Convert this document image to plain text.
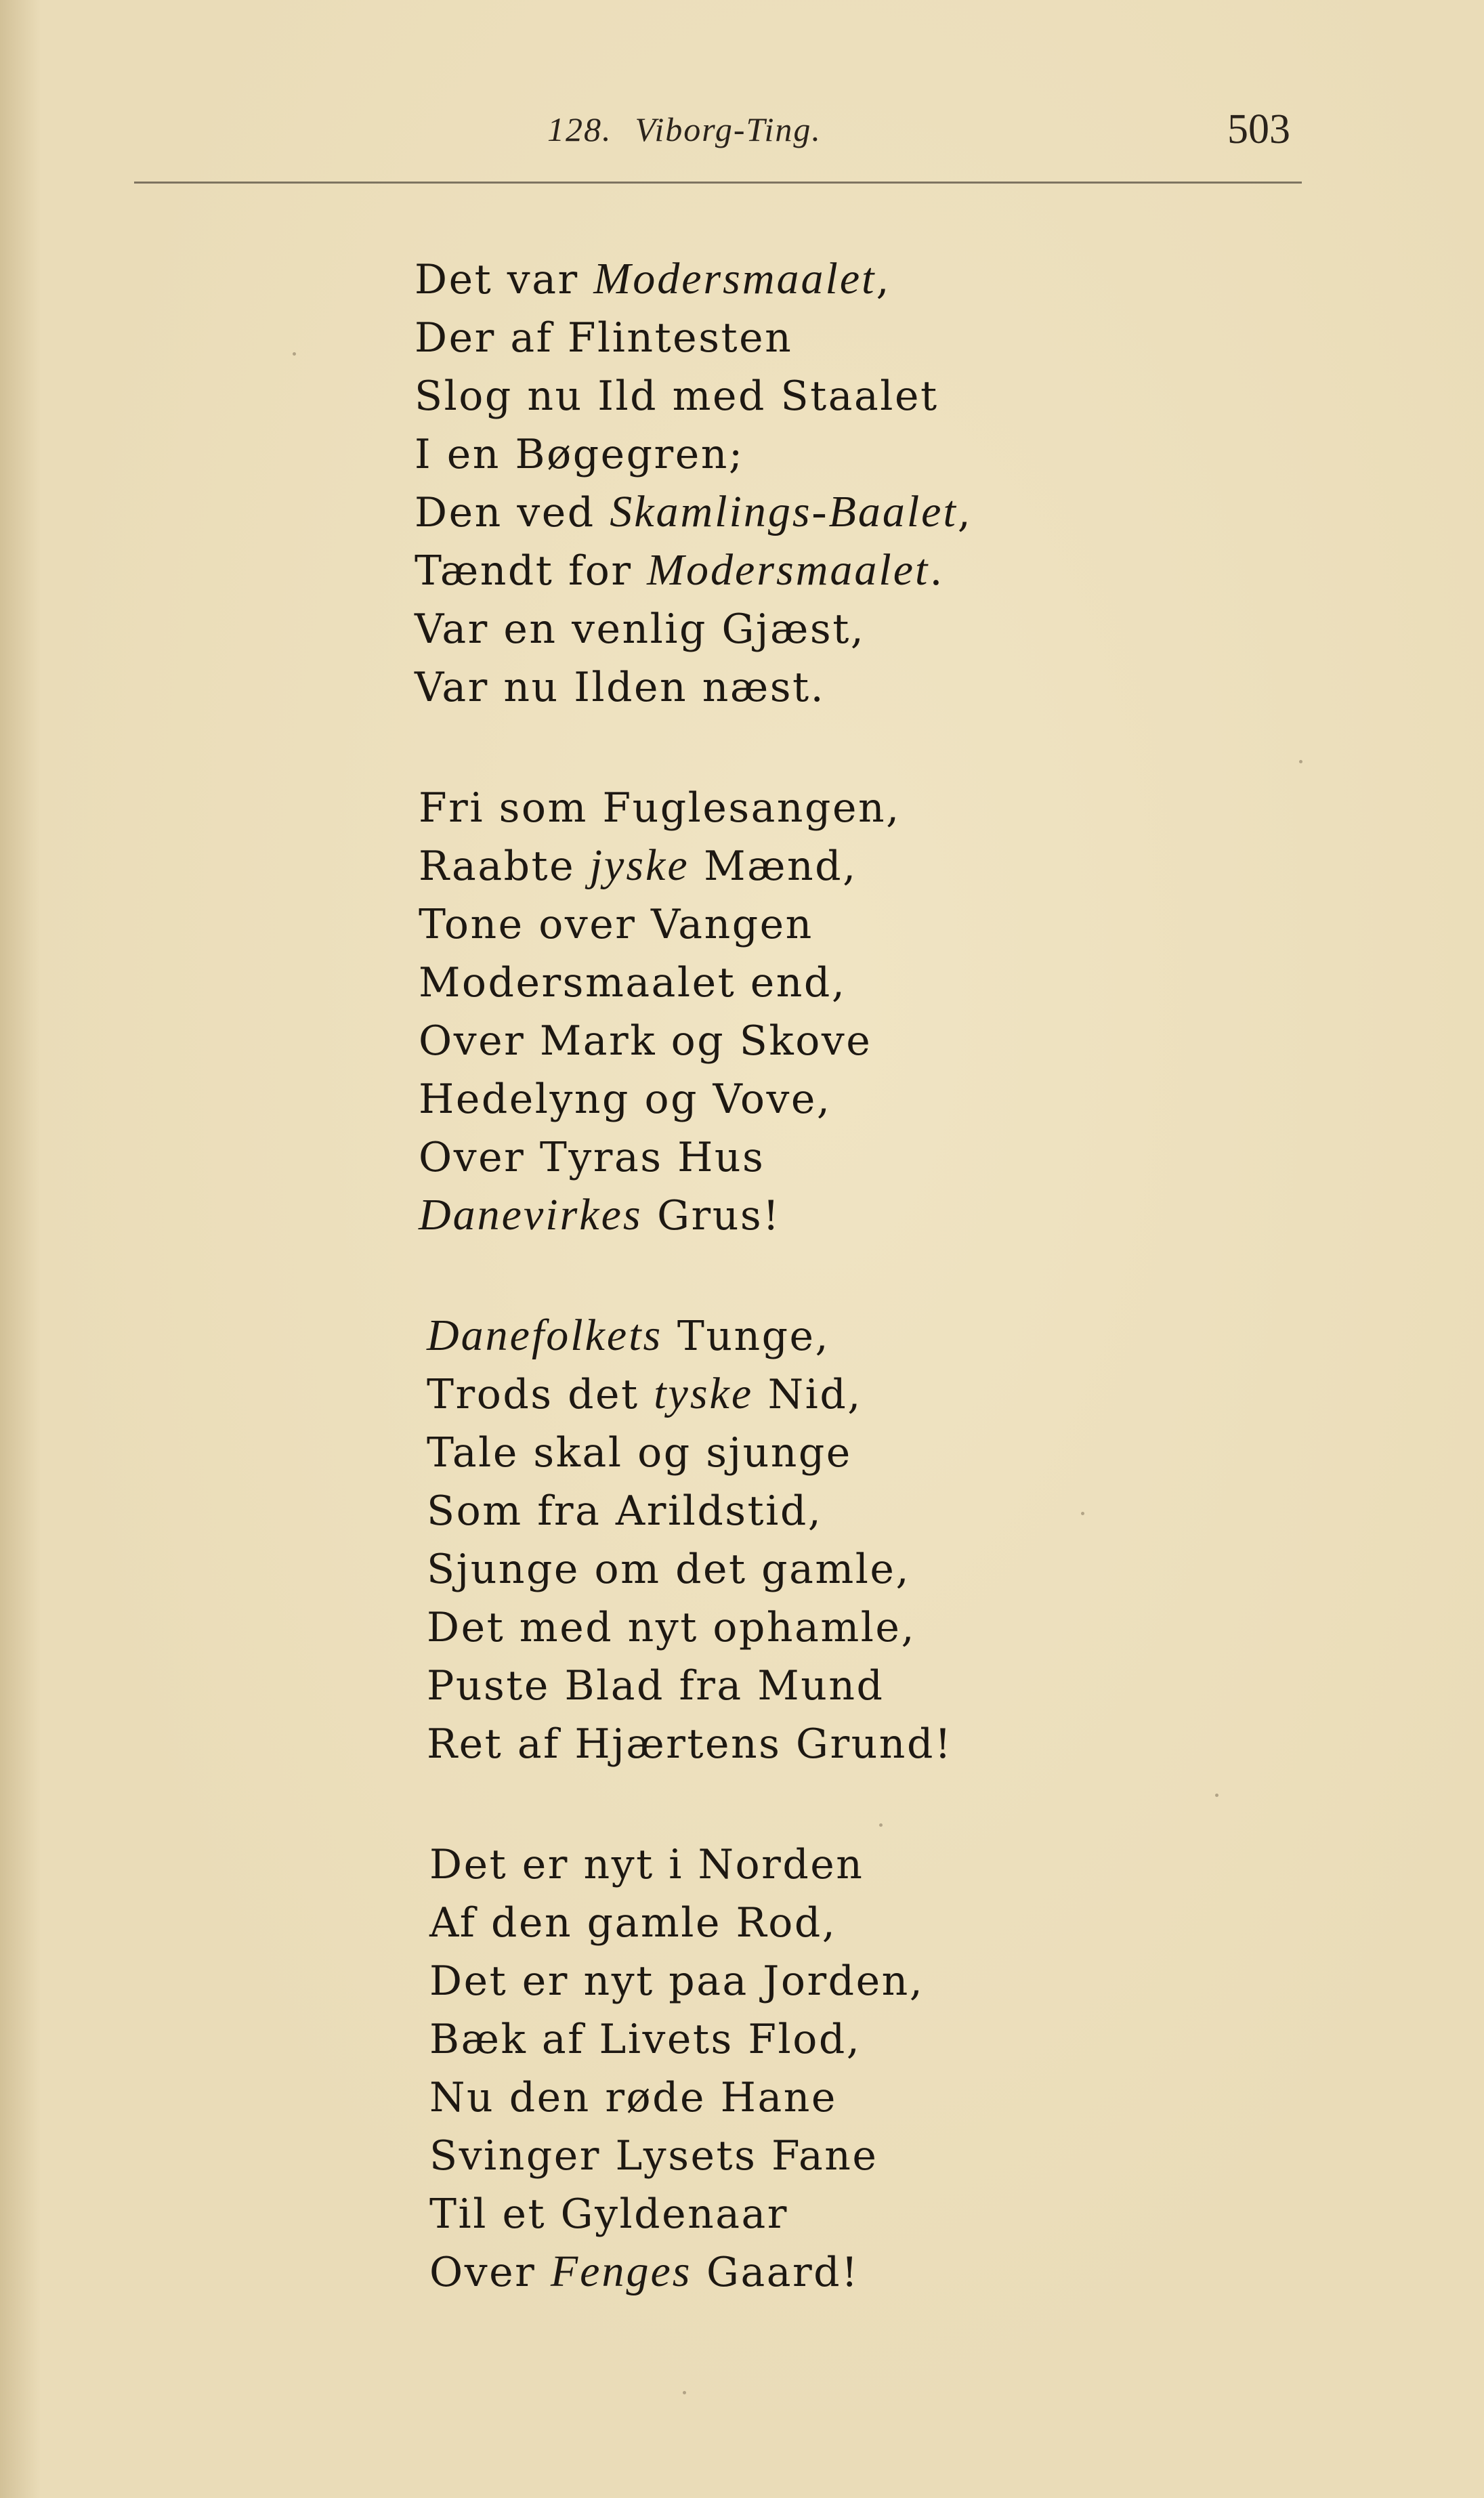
128. Viborg-Ting.	503
Det var Modersmaalet,
Der af Flintesten
Slog nu Ild med Staalet
I en Bøgegren;
Den ved Skamlings-Baalet,
Tændt for Modersmaalet.
Var en venlig Gjæst,
Var nu Ilden næst.
Fri som Fuglesangen,
Raabte jyske Mænd,
Tone over Vangen
Modersmaalet end,
Over Mark og Skove
Hedelyng og Vove,
Over Tyras Hus
Danevirkes Grus!
Danefolkets Tunge,
Trods det tyske Nid,
Tale skal og sjunge
Som fra Arildstid,
Sjunge om det gamle,
Det med nyt ophamle,
Puste Blad fra Mund
Ret af Hjærtens Grund!
Det er nyt i Norden
Af den gamle Rod,
Det er nyt paa Jorden,
Bæk af Livets Flod,
Nu den røde Hane
Svinger Lysets Fane
Til et Gyldenaar
Over Fenges Gaard!
